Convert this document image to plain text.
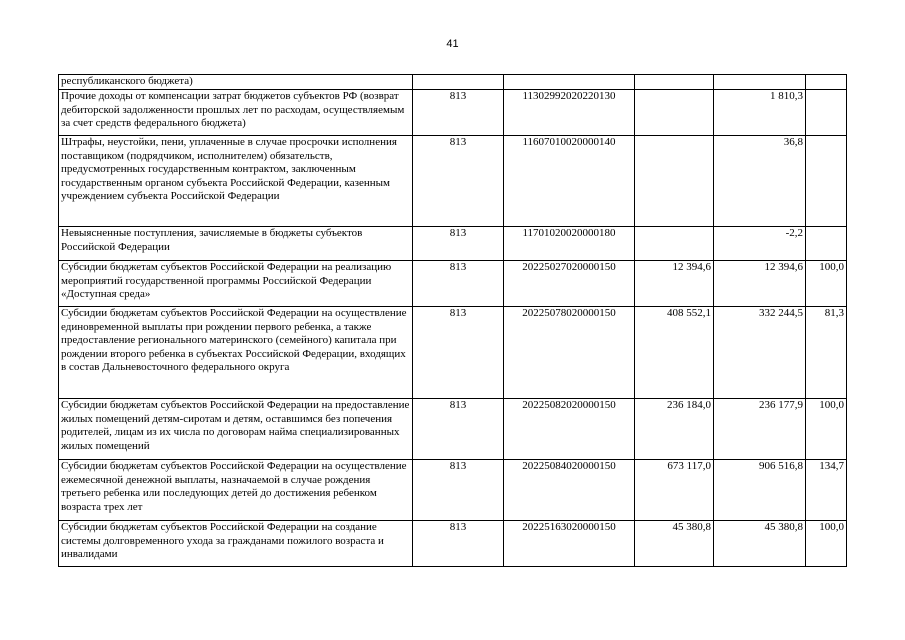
41
республиканского бюджета)					
Прочие доходы от компенсации затрат бюджетов субъектов РФ (возврат дебиторской задолженности прошлых лет по расходам, осуществляемым за счет средств федерального бюджета)	813	11302992020220130		1 810,3	
Штрафы, неустойки, пени, уплаченные в случае просрочки исполнения поставщиком (подрядчиком, исполнителем) обязательств, предусмотренных государственным контрактом, заключенным государственным органом субъекта Российской Федерации, казенным учреждением субъекта Российской Федерации	813	11607010020000140		36,8	
Невыясненные поступления, зачисляемые в бюджеты субъектов Российской Федерации	813	11701020020000180		-2,2	
Субсидии бюджетам субъектов Российской Федерации на реализацию мероприятий государственной программы Российской Федерации «Доступная среда»	813	20225027020000150	12 394,6	12 394,6	100,0
Субсидии бюджетам субъектов Российской Федерации на осуществление единовременной выплаты при рождении первого ребенка, а также предоставление регионального материнского (семейного) капитала при рождении второго ребенка в субъектах Российской Федерации, входящих в состав Дальневосточного федерального округа	813	20225078020000150	408 552,1	332 244,5	81,3
Субсидии бюджетам субъектов Российской Федерации на предоставление жилых помещений детям-сиротам и детям, оставшимся без попечения родителей, лицам из их числа по договорам найма специализированных жилых помещений	813	20225082020000150	236 184,0	236 177,9	100,0
Субсидии бюджетам субъектов Российской Федерации на осуществление ежемесячной денежной выплаты, назначаемой в случае рождения третьего ребенка или последующих детей до достижения ребенком возраста трех лет	813	20225084020000150	673 117,0	906 516,8	134,7
Субсидии бюджетам субъектов Российской Федерации на создание системы долговременного ухода за гражданами пожилого возраста и инвалидами	813	20225163020000150	45 380,8	45 380,8	100,0
